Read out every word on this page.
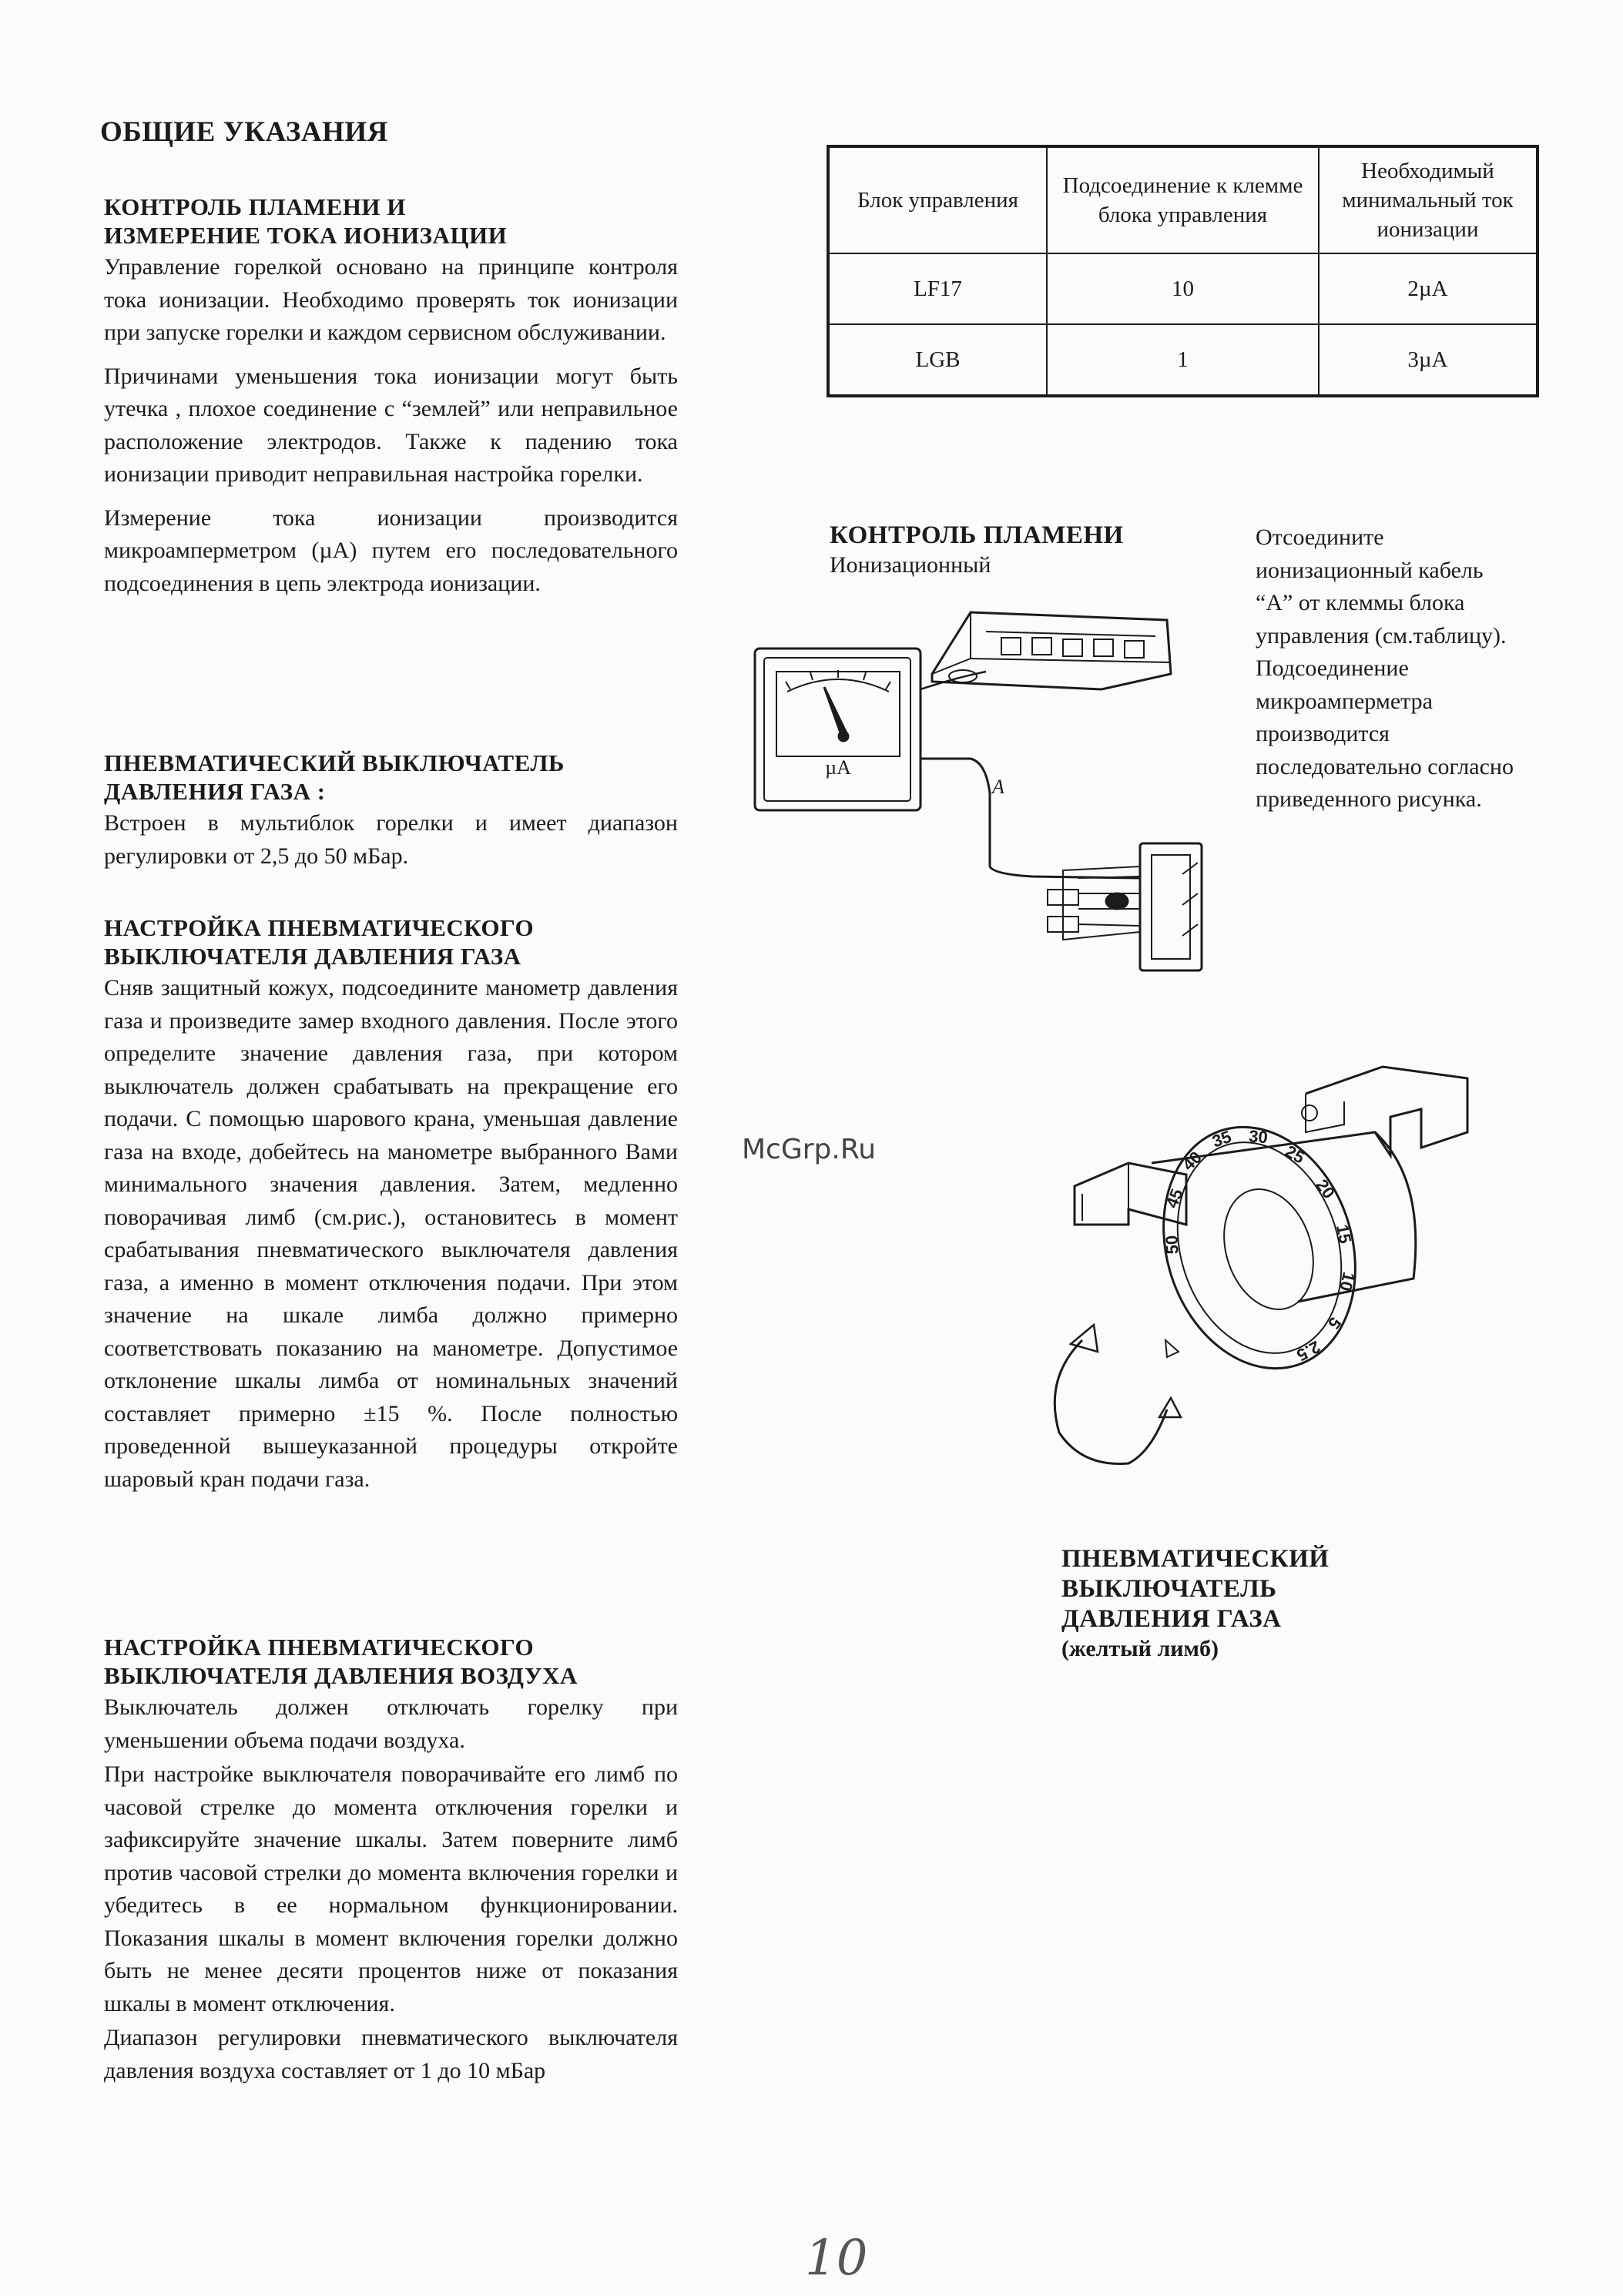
ОБЩИЕ УКАЗАНИЯ
КОНТРОЛЬ ПЛАМЕНИ И
ИЗМЕРЕНИЕ ТОКА ИОНИЗАЦИИ

Управление горелкой основано на принципе контроля тока ионизации. Необходимо проверять ток ионизации при запуске горелки и каждом сервисном обслуживании.

Причинами уменьшения тока ионизации могут быть утечка , плохое соединение с “землей” или неправильное расположение электродов. Также к падению тока ионизации приводит неправильная настройка горелки.

Измерение тока ионизации производится микроамперметром (µA) путем его последовательного подсоединения в цепь электрода ионизации.

ПНЕВМАТИЧЕСКИЙ ВЫКЛЮЧАТЕЛЬ
ДАВЛЕНИЯ ГАЗА :

Встроен в мультиблок горелки и имеет диапазон регулировки от 2,5 до 50 мБар.

НАСТРОЙКА ПНЕВМАТИЧЕСКОГО
ВЫКЛЮЧАТЕЛЯ ДАВЛЕНИЯ ГАЗА

Сняв защитный кожух, подсоедините манометр давления газа и произведите замер входного давления. После этого определите значение давления газа, при котором выключатель должен срабатывать на прекращение его подачи. С помощью шарового крана, уменьшая давление газа на входе, добейтесь на манометре выбранного Вами минимального значения давления. Затем, медленно поворачивая лимб (см.рис.), остановитесь в момент срабатывания пневматического выключателя давления газа, а именно в момент отключения подачи. При этом значение на шкале лимба должно примерно соответствовать показанию на манометре. Допустимое отклонение шкалы лимба от номинальных значений составляет примерно ±15 %. После полностью проведенной вышеуказанной процедуры откройте шаровый кран подачи газа.

НАСТРОЙКА ПНЕВМАТИЧЕСКОГО
ВЫКЛЮЧАТЕЛЯ ДАВЛЕНИЯ ВОЗДУХА

Выключатель должен отключать горелку при уменьшении объема подачи воздуха.

При настройке выключателя поворачивайте его лимб по часовой стрелке до момента отключения горелки и зафиксируйте значение шкалы. Затем поверните лимб против часовой стрелки до момента включения горелки и убедитесь в ее нормальном функционировании. Показания шкалы в момент включения горелки должно быть не менее десяти процентов ниже от показания шкалы в момент отключения.

Диапазон регулировки пневматического выключателя давления воздуха составляет от 1 до 10 мБар

Блок управления	Подсоединение к клемме блока управления	Необходимый минимальный ток ионизации
LF17	10	2µA
LGB	1	3µA
КОНТРОЛЬ ПЛАМЕНИ
Ионизационный
Отсоедините ионизационный кабель “А” от клеммы блока управления (см.таблицу). Подсоединение микроамперметра производится последовательно согласно приведенного рисунка.
µA
A
50
45
40
35 30
25
20
15
10
5
2.5
ПНЕВМАТИЧЕСКИЙ
ВЫКЛЮЧАТЕЛЬ
ДАВЛЕНИЯ ГАЗА
(желтый лимб)
McGrp.Ru
10
